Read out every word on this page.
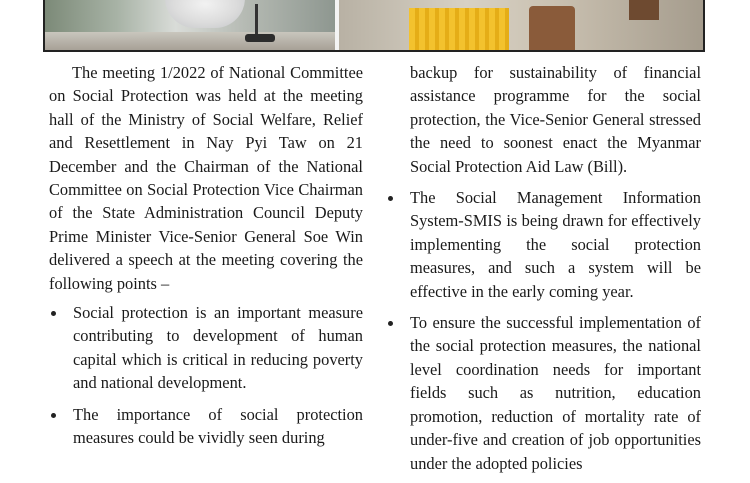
The meeting 1/2022 of National Committee on Social Protection was held at the meeting hall of the Ministry of Social Welfare, Relief and Resettlement in Nay Pyi Taw on 21 December and the Chairman of the National Committee on Social Protection Vice Chairman of the State Administration Council Deputy Prime Minister Vice-Senior General Soe Win delivered a speech at the meeting covering the following points –

Social protection is an important measure contributing to development of human capital which is critical in reducing poverty and national development.
The importance of social protection measures could be vividly seen during
backup for sustainability of financial assistance programme for the social protection, the Vice-Senior General stressed the need to soonest enact the Myanmar Social Protection Aid Law (Bill).
The Social Management Information System-SMIS is being drawn for effectively implementing the social protection measures, and such a system will be effective in the early coming year.
To ensure the successful implementation of the social protection measures, the national level coordination needs for important fields such as nutrition, education promotion, reduction of mortality rate of under-five and creation of job opportunities under the adopted policies
